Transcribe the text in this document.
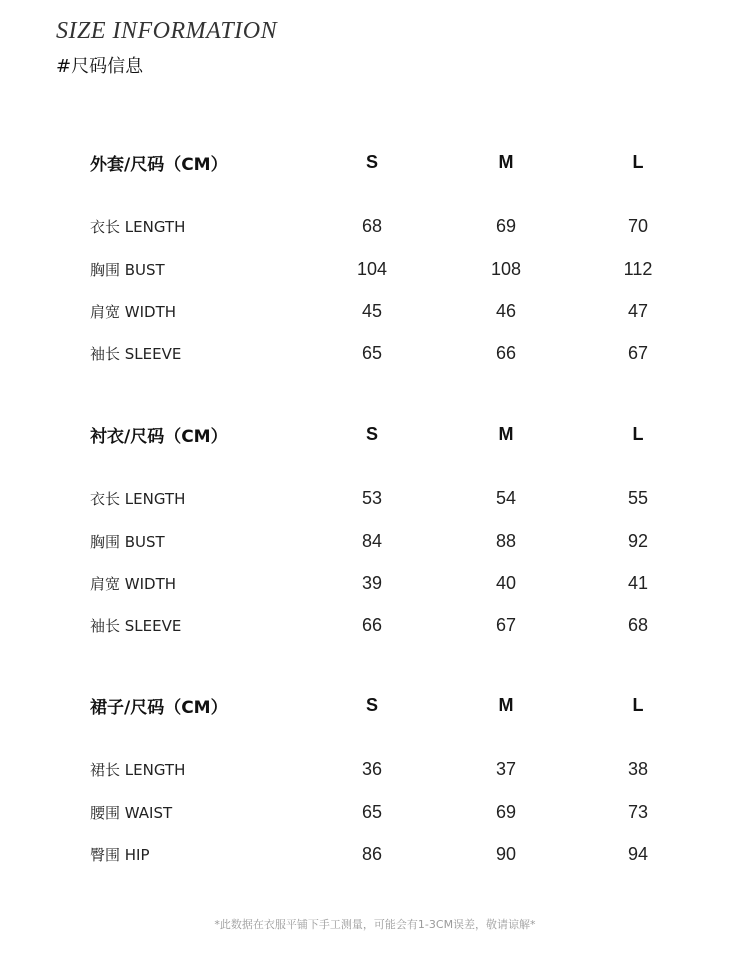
SIZE INFORMATION
#尺码信息
外套/尺码（CM）	S	M	L
衣长 LENGTH	68	69	70
胸围 BUST	104	108	112
肩宽 WIDTH	45	46	47
袖长 SLEEVE	65	66	67
衬衣/尺码（CM）	S	M	L
衣长 LENGTH	53	54	55
胸围 BUST	84	88	92
肩宽 WIDTH	39	40	41
袖长 SLEEVE	66	67	68
裙子/尺码（CM）	S	M	L
裙长 LENGTH	36	37	38
腰围 WAIST	65	69	73
臀围 HIP	86	90	94
*此数据在衣服平铺下手工测量，可能会有1-3CM误差，敬请谅解*
